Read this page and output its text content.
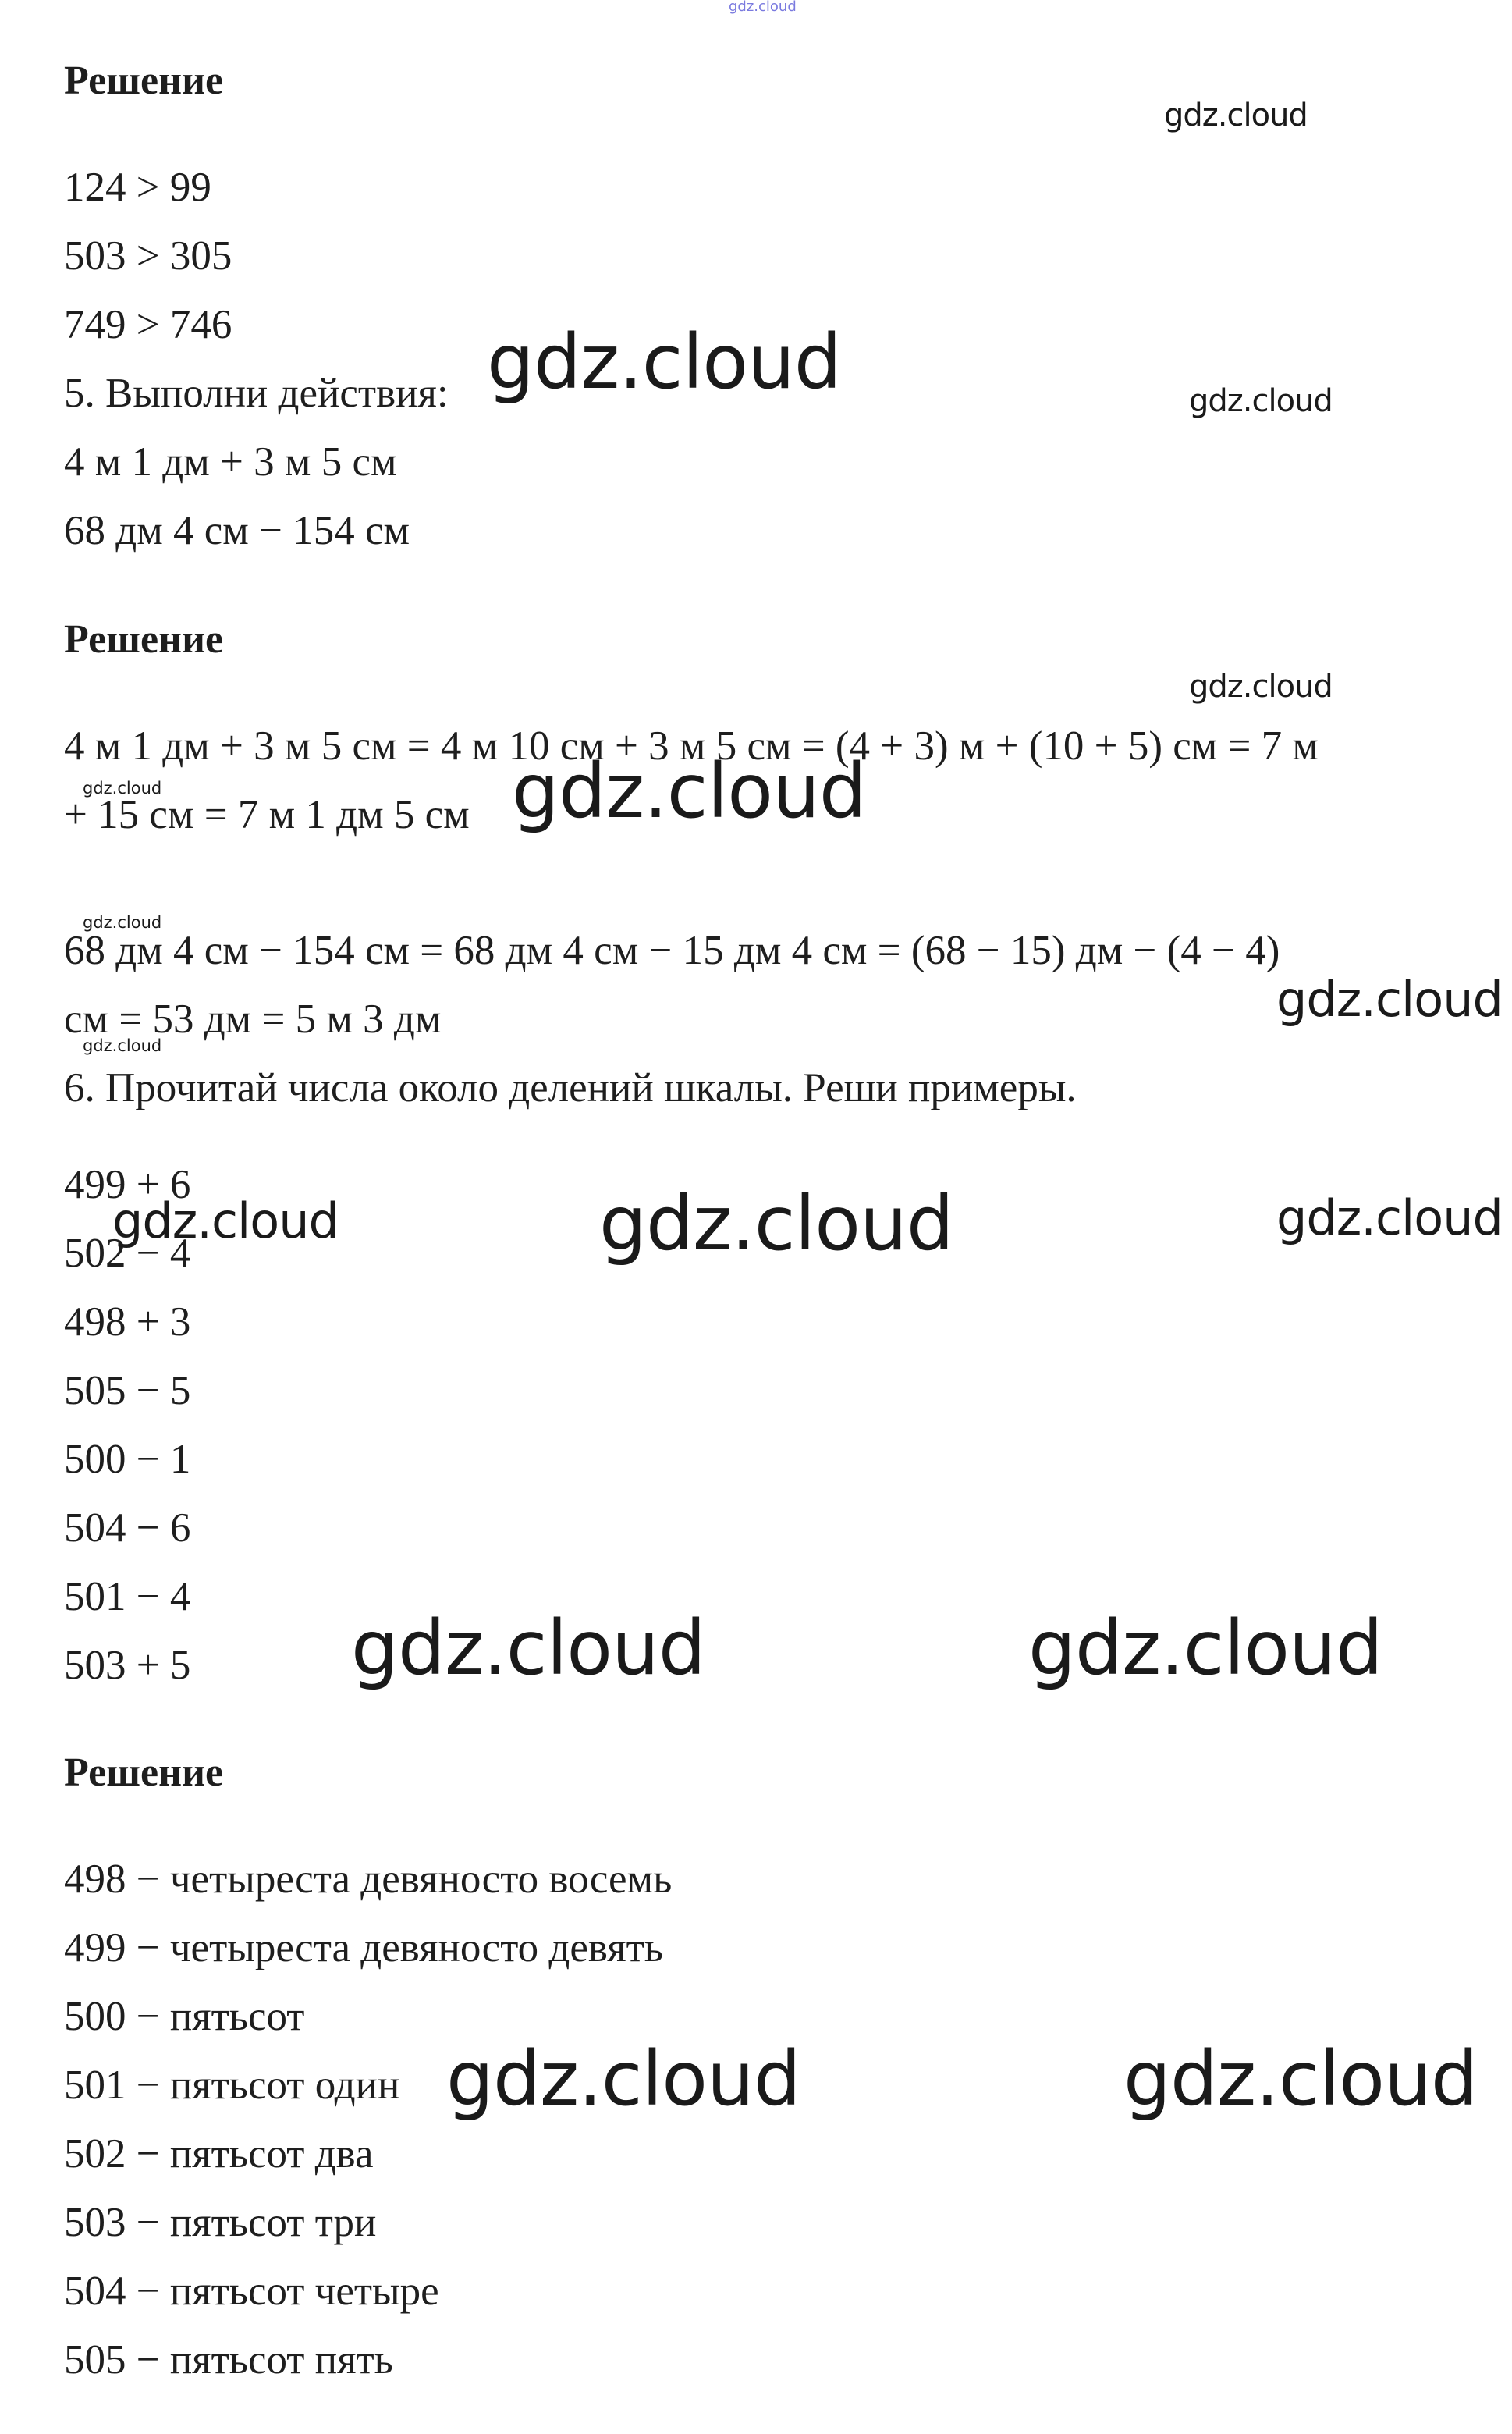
gdz.cloud
Решение
124 > 99
503 > 305
749 > 746
5. Выполни действия:
4 м 1 дм + 3 м 5 см
68 дм 4 см − 154 см
Решение
4 м 1 дм + 3 м 5 см = 4 м 10 см + 3 м 5 см = (4 + 3) м + (10 + 5) см = 7 м
+ 15 см = 7 м 1 дм 5 см
68 дм 4 см − 154 см = 68 дм 4 см − 15 дм 4 см = (68 − 15) дм − (4 − 4)
см = 53 дм = 5 м 3 дм
6. Прочитай числа около делений шкалы. Реши примеры.
499 + 6
502 − 4
498 + 3
505 − 5
500 − 1
504 − 6
501 − 4
503 + 5
Решение
498 − четыреста девяносто восемь
499 − четыреста девяносто девять
500 − пятьсот
501 − пятьсот один
502 − пятьсот два
503 − пятьсот три
504 − пятьсот четыре
505 − пятьсот пять
gdz.cloud
gdz.cloud	gdz.cloud
gdz.cloud
gdz.cloud	gdz.cloud
gdz.cloud
gdz.cloud
gdz.cloud
gdz.cloud	gdz.cloud	gdz.cloud
gdz.cloud	gdz.cloud
gdz.cloud	gdz.cloud
